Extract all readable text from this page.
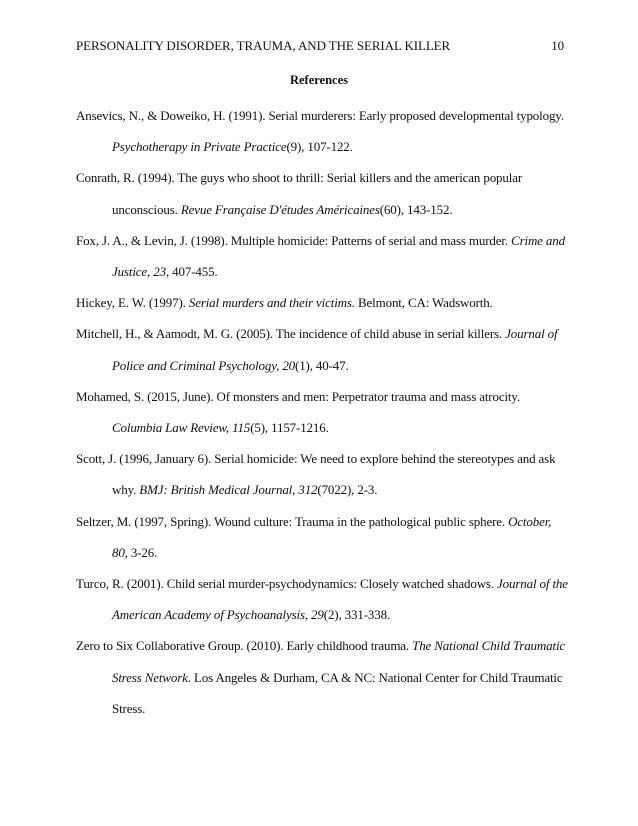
PERSONALITY DISORDER, TRAUMA, AND THE SERIAL KILLER	10
References

Ansevics, N., & Doweiko, H. (1991). Serial murderers: Early proposed developmental typology. Psychotherapy in Private Practice(9), 107-122.

Conrath, R. (1994). The guys who shoot to thrill: Serial killers and the american popular unconscious. Revue Française D'études Américaines(60), 143-152.

Fox, J. A., & Levin, J. (1998). Multiple homicide: Patterns of serial and mass murder. Crime and Justice, 23, 407-455.

Hickey, E. W. (1997). Serial murders and their victims. Belmont, CA: Wadsworth.

Mitchell, H., & Aamodt, M. G. (2005). The incidence of child abuse in serial killers. Journal of Police and Criminal Psychology, 20(1), 40-47.

Mohamed, S. (2015, June). Of monsters and men: Perpetrator trauma and mass atrocity. Columbia Law Review, 115(5), 1157-1216.

Scott, J. (1996, January 6). Serial homicide: We need to explore behind the stereotypes and ask why. BMJ: British Medical Journal, 312(7022), 2-3.

Seltzer, M. (1997, Spring). Wound culture: Trauma in the pathological public sphere. October, 80, 3-26.

Turco, R. (2001). Child serial murder-psychodynamics: Closely watched shadows. Journal of the American Academy of Psychoanalysis, 29(2), 331-338.

Zero to Six Collaborative Group. (2010). Early childhood trauma. The National Child Traumatic Stress Network. Los Angeles & Durham, CA & NC: National Center for Child Traumatic Stress.
